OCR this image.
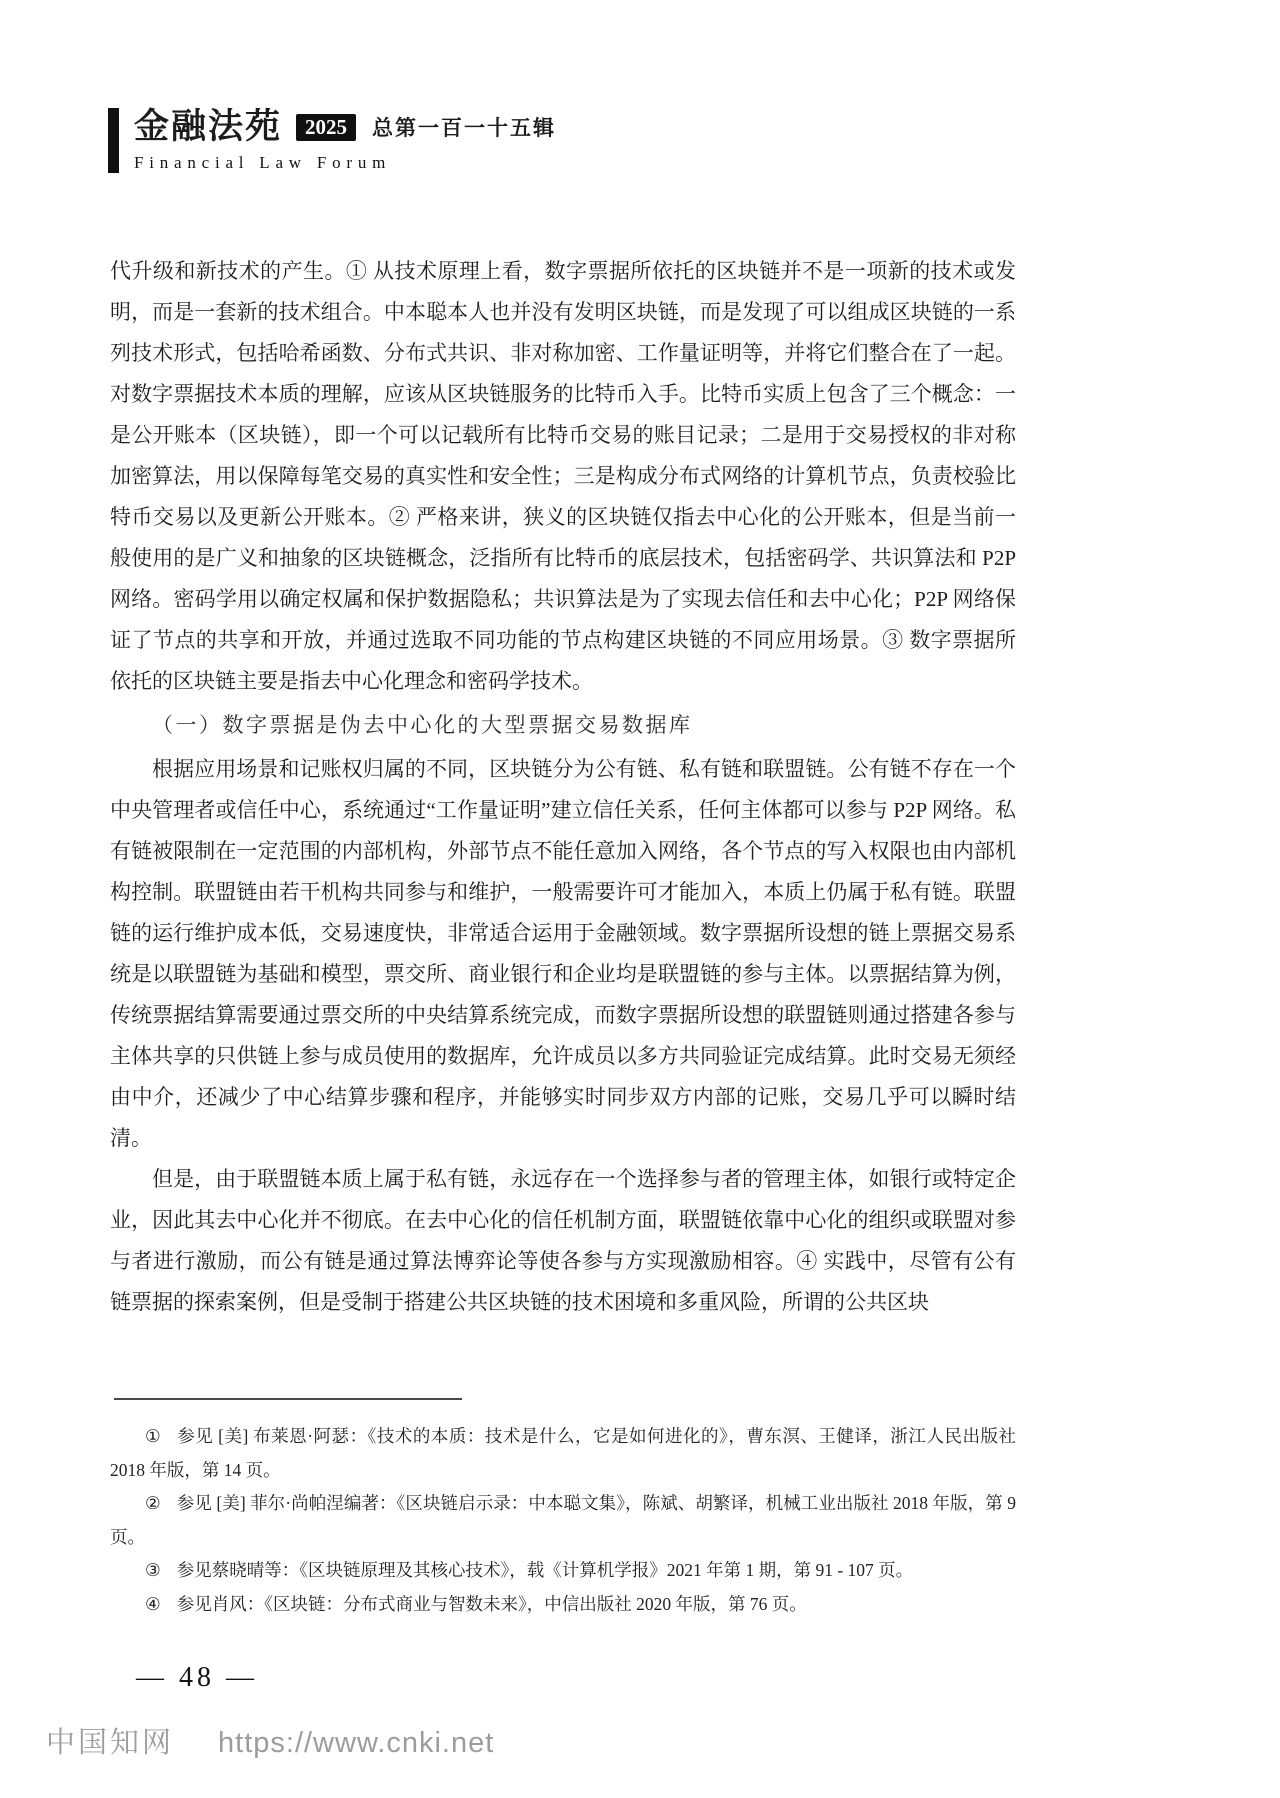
金融法苑	2025	总第一百一十五辑
Financial Law Forum

代升级和新技术的产生。① 从技术原理上看，数字票据所依托的区块链并不是一项新的技术或发明，而是一套新的技术组合。中本聪本人也并没有发明区块链，而是发现了可以组成区块链的一系列技术形式，包括哈希函数、分布式共识、非对称加密、工作量证明等，并将它们整合在了一起。对数字票据技术本质的理解，应该从区块链服务的比特币入手。比特币实质上包含了三个概念：一是公开账本（区块链），即一个可以记载所有比特币交易的账目记录；二是用于交易授权的非对称加密算法，用以保障每笔交易的真实性和安全性；三是构成分布式网络的计算机节点，负责校验比特币交易以及更新公开账本。② 严格来讲，狭义的区块链仅指去中心化的公开账本，但是当前一般使用的是广义和抽象的区块链概念，泛指所有比特币的底层技术，包括密码学、共识算法和 P2P 网络。密码学用以确定权属和保护数据隐私；共识算法是为了实现去信任和去中心化；P2P 网络保证了节点的共享和开放，并通过选取不同功能的节点构建区块链的不同应用场景。③ 数字票据所依托的区块链主要是指去中心化理念和密码学技术。

（一）数字票据是伪去中心化的大型票据交易数据库

根据应用场景和记账权归属的不同，区块链分为公有链、私有链和联盟链。公有链不存在一个中央管理者或信任中心，系统通过“工作量证明”建立信任关系，任何主体都可以参与 P2P 网络。私有链被限制在一定范围的内部机构，外部节点不能任意加入网络，各个节点的写入权限也由内部机构控制。联盟链由若干机构共同参与和维护，一般需要许可才能加入，本质上仍属于私有链。联盟链的运行维护成本低，交易速度快，非常适合运用于金融领域。数字票据所设想的链上票据交易系统是以联盟链为基础和模型，票交所、商业银行和企业均是联盟链的参与主体。以票据结算为例，传统票据结算需要通过票交所的中央结算系统完成，而数字票据所设想的联盟链则通过搭建各参与主体共享的只供链上参与成员使用的数据库，允许成员以多方共同验证完成结算。此时交易无须经由中介，还减少了中心结算步骤和程序，并能够实时同步双方内部的记账，交易几乎可以瞬时结清。

但是，由于联盟链本质上属于私有链，永远存在一个选择参与者的管理主体，如银行或特定企业，因此其去中心化并不彻底。在去中心化的信任机制方面，联盟链依靠中心化的组织或联盟对参与者进行激励，而公有链是通过算法博弈论等使各参与方实现激励相容。④ 实践中，尽管有公有链票据的探索案例，但是受制于搭建公共区块链的技术困境和多重风险，所谓的公共区块

① 参见 [美] 布莱恩·阿瑟：《技术的本质：技术是什么，它是如何进化的》，曹东溟、王健译，浙江人民出版社 2018 年版，第 14 页。

② 参见 [美] 菲尔·尚帕涅编著：《区块链启示录：中本聪文集》，陈斌、胡繁译，机械工业出版社 2018 年版，第 9 页。

③ 参见蔡晓晴等：《区块链原理及其核心技术》，载《计算机学报》2021 年第 1 期，第 91 - 107 页。

④ 参见肖风：《区块链：分布式商业与智数未来》，中信出版社 2020 年版，第 76 页。

— 48 —
中国知网 https://www.cnki.net
